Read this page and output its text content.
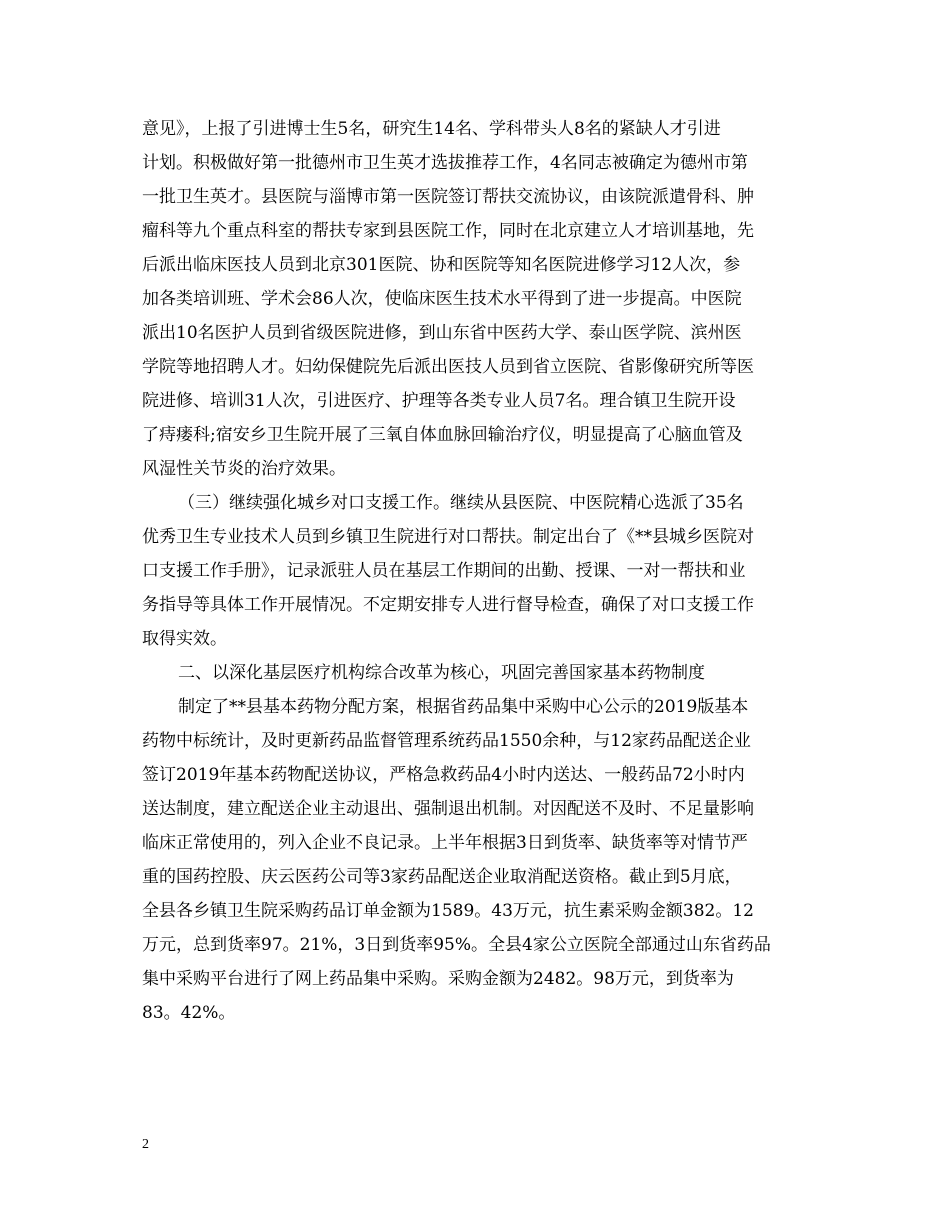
意见》，上报了引进博士生5名，研究生14名、学科带头人8名的紧缺人才引进
计划。积极做好第一批德州市卫生英才选拔推荐工作，4名同志被确定为德州市第
一批卫生英才。县医院与淄博市第一医院签订帮扶交流协议，由该院派遣骨科、肿
瘤科等九个重点科室的帮扶专家到县医院工作，同时在北京建立人才培训基地，先
后派出临床医技人员到北京301医院、协和医院等知名医院进修学习12人次，参
加各类培训班、学术会86人次，使临床医生技术水平得到了进一步提高。中医院
派出10名医护人员到省级医院进修，到山东省中医药大学、泰山医学院、滨州医
学院等地招聘人才。妇幼保健院先后派出医技人员到省立医院、省影像研究所等医
院进修、培训31人次，引进医疗、护理等各类专业人员7名。理合镇卫生院开设
了痔瘘科;宿安乡卫生院开展了三氧自体血脉回输治疗仪，明显提高了心脑血管及
风湿性关节炎的治疗效果。

（三）继续强化城乡对口支援工作。继续从县医院、中医院精心选派了35名
优秀卫生专业技术人员到乡镇卫生院进行对口帮扶。制定出台了《**县城乡医院对
口支援工作手册》，记录派驻人员在基层工作期间的出勤、授课、一对一帮扶和业
务指导等具体工作开展情况。不定期安排专人进行督导检查，确保了对口支援工作
取得实效。

二、以深化基层医疗机构综合改革为核心，巩固完善国家基本药物制度

制定了**县基本药物分配方案，根据省药品集中采购中心公示的2019版基本
药物中标统计，及时更新药品监督管理系统药品1550余种，与12家药品配送企业
签订2019年基本药物配送协议，严格急救药品4小时内送达、一般药品72小时内
送达制度，建立配送企业主动退出、强制退出机制。对因配送不及时、不足量影响
临床正常使用的，列入企业不良记录。上半年根据3日到货率、缺货率等对情节严
重的国药控股、庆云医药公司等3家药品配送企业取消配送资格。截止到5月底，
全县各乡镇卫生院采购药品订单金额为1589。43万元，抗生素采购金额382。12
万元，总到货率97。21%，3日到货率95%。全县4家公立医院全部通过山东省药品
集中采购平台进行了网上药品集中采购。采购金额为2482。98万元，到货率为
83。42%。

2
